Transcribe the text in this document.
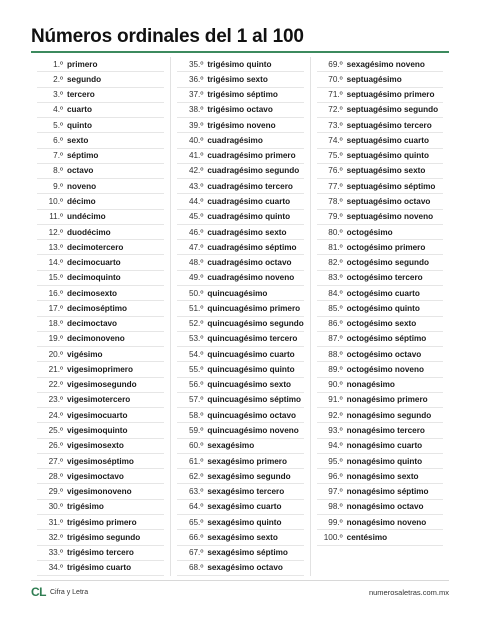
Números ordinales del 1 al 100
1.º primero
2.º segundo
3.º tercero
4.º cuarto
5.º quinto
6.º sexto
7.º séptimo
8.º octavo
9.º noveno
10.º décimo
11.º undécimo
12.º duodécimo
13.º decimotercero
14.º decimocuarto
15.º decimoquinto
16.º decimosexto
17.º decimoséptimo
18.º decimoctavo
19.º decimonoveno
20.º vigésimo
21.º vigesimoprimero
22.º vigesimosegundo
23.º vigesimotercero
24.º vigesimocuarto
25.º vigesimoquinto
26.º vigesimosexto
27.º vigesimoséptimo
28.º vigesimoctavo
29.º vigesimonoveno
30.º trigésimo
31.º trigésimo primero
32.º trigésimo segundo
33.º trigésimo tercero
34.º trigésimo cuarto
35.º trigésimo quinto
36.º trigésimo sexto
37.º trigésimo séptimo
38.º trigésimo octavo
39.º trigésimo noveno
40.º cuadragésimo
41.º cuadragésimo primero
42.º cuadragésimo segundo
43.º cuadragésimo tercero
44.º cuadragésimo cuarto
45.º cuadragésimo quinto
46.º cuadragésimo sexto
47.º cuadragésimo séptimo
48.º cuadragésimo octavo
49.º cuadragésimo noveno
50.º quincuagésimo
51.º quincuagésimo primero
52.º quincuagésimo segundo
53.º quincuagésimo tercero
54.º quincuagésimo cuarto
55.º quincuagésimo quinto
56.º quincuagésimo sexto
57.º quincuagésimo séptimo
58.º quincuagésimo octavo
59.º quincuagésimo noveno
60.º sexagésimo
61.º sexagésimo primero
62.º sexagésimo segundo
63.º sexagésimo tercero
64.º sexagésimo cuarto
65.º sexagésimo quinto
66.º sexagésimo sexto
67.º sexagésimo séptimo
68.º sexagésimo octavo
69.º sexagésimo noveno
70.º septuagésimo
71.º septuagésimo primero
72.º septuagésimo segundo
73.º septuagésimo tercero
74.º septuagésimo cuarto
75.º septuagésimo quinto
76.º septuagésimo sexto
77.º septuagésimo séptimo
78.º septuagésimo octavo
79.º septuagésimo noveno
80.º octogésimo
81.º octogésimo primero
82.º octogésimo segundo
83.º octogésimo tercero
84.º octogésimo cuarto
85.º octogésimo quinto
86.º octogésimo sexto
87.º octogésimo séptimo
88.º octogésimo octavo
89.º octogésimo noveno
90.º nonagésimo
91.º nonagésimo primero
92.º nonagésimo segundo
93.º nonagésimo tercero
94.º nonagésimo cuarto
95.º nonagésimo quinto
96.º nonagésimo sexto
97.º nonagésimo séptimo
98.º nonagésimo octavo
99.º nonagésimo noveno
100.º centésimo
CL Cifra y Letra	numerosaletras.com.mx
